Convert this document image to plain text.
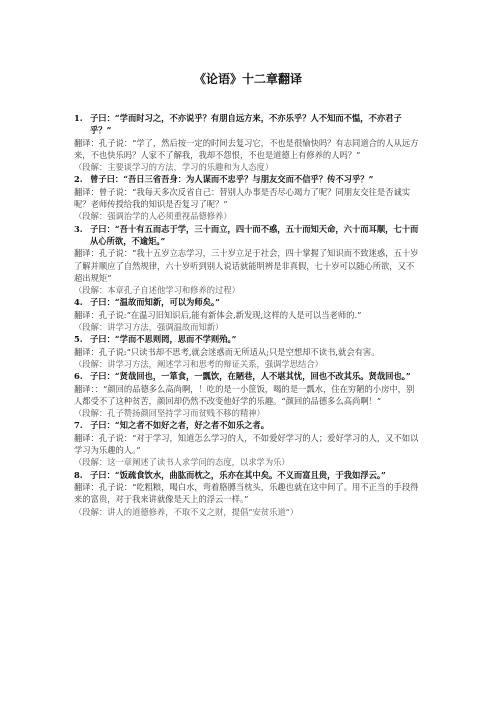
《论语》十二章翻译
1. 子曰：“学而时习之，不亦说乎？有朋自远方来，不亦乐乎？人不知而不愠，不亦君子乎？”
翻译：孔子说：“学了，然后按一定的时间去复习它，不也是很愉快吗？有志同道合的人从远方来，不也快乐吗？人家不了解我，我却不怨恨，不也是道德上有修养的人吗？”
（段解：主要谈学习的方法，学习的乐趣和为人态度）
2. 曾子曰：“吾日三省吾身：为人谋而不忠乎？与朋友交而不信乎？传不习乎？”
翻译：曾子说：“我每天多次反省自己：替别人办事是否尽心竭力了呢？同朋友交往是否诚实呢？老师传授给我的知识是否复习了呢？”
（段解：强调治学的人必须重视品德修养）
3. 子曰：“吾十有五而志于学，三十而立，四十而不惑，五十而知天命，六十而耳顺，七十而从心所欲，不逾矩。”
翻译：孔子说：“我十五岁立志学习，三十岁立足于社会，四十掌握了知识而不致迷惑，五十岁了解并顺应了自然规律，六十岁听到别人说话就能明辨是非真假，七十岁可以随心所欲，又不超出规矩”
（段解：本章孔子自述他学习和修养的过程）
4. 子曰：“温故而知新，可以为师矣。”
翻译：孔子说:“在温习旧知识后,能有新体会,新发现,这样的人是可以当老师的.”
（段解：讲学习方法，强调温故而知新）
5. 子曰：“学而不思则罔，思而不学则殆。”
翻译：孔子说:“只读书却不思考,就会迷惑而无所适从;只是空想却不读书,就会有害。
（段解：讲学习方法，阐述学习和思考的辩证关系，强调学思结合）
6. 子曰：“贤哉回也，一箪食，一瓢饮，在陋巷，人不堪其忧，回也不改其乐。贤哉回也。”
翻译：：“颜回的品德多么高尚啊，！吃的是一小筐饭，喝的是一瓢水，住在穷陋的小房中，别人都受不了这种贫苦，颜回却仍然不改变他好学的乐趣。“颜回的品德多么高尚啊！”
（段解：孔子赞扬颜回坚持学习而贫贱不移的精神）
7. 子曰：“知之者不如好之者，好之者不如乐之者。
翻译：孔子说：“对于学习，知道怎么学习的人，不如爱好学习的人；爱好学习的人，又不如以学习为乐趣的人。”
（段解：这一章阐述了读书人求学问的态度，以求学为乐）
8. 子曰：“饭疏食饮水，曲肱而枕之，乐亦在其中矣。不义而富且贵，于我如浮云。”
翻译：孔子说：“吃粗粮，喝白水，弯着胳膊当枕头，乐趣也就在这中间了。用不正当的手段得来的富贵，对于我来讲就像是天上的浮云一样。”
（段解：讲人的道德修养，不取不义之财，提倡“安贫乐道”）
